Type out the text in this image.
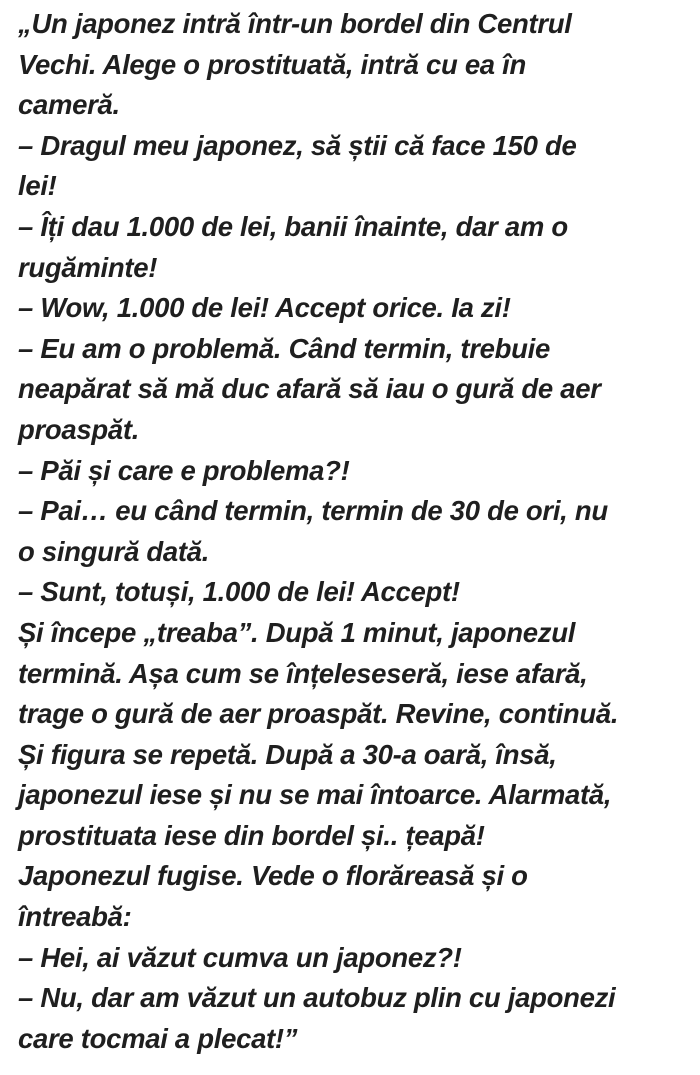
„Un japonez intră într-un bordel din Centrul
Vechi. Alege o prostituată, intră cu ea în
cameră.
– Dragul meu japonez, să știi că face 150 de
lei!
– Îți dau 1.000 de lei, banii înainte, dar am o
rugăminte!
– Wow, 1.000 de lei! Accept orice. Ia zi!
– Eu am o problemă. Când termin, trebuie
neapărat să mă duc afară să iau o gură de aer
proaspăt.
– Păi și care e problema?!
– Pai… eu când termin, termin de 30 de ori, nu
o singură dată.
– Sunt, totuși, 1.000 de lei! Accept!
Și începe „treaba”. După 1 minut, japonezul
termină. Așa cum se înțeleseseră, iese afară,
trage o gură de aer proaspăt. Revine, continuă.
Și figura se repetă. După a 30-a oară, însă,
japonezul iese și nu se mai întoarce. Alarmată,
prostituata iese din bordel și.. țeapă!
Japonezul fugise. Vede o florăreasă și o
întreabă:
– Hei, ai văzut cumva un japonez?!
– Nu, dar am văzut un autobuz plin cu japonezi
care tocmai a plecat!”
